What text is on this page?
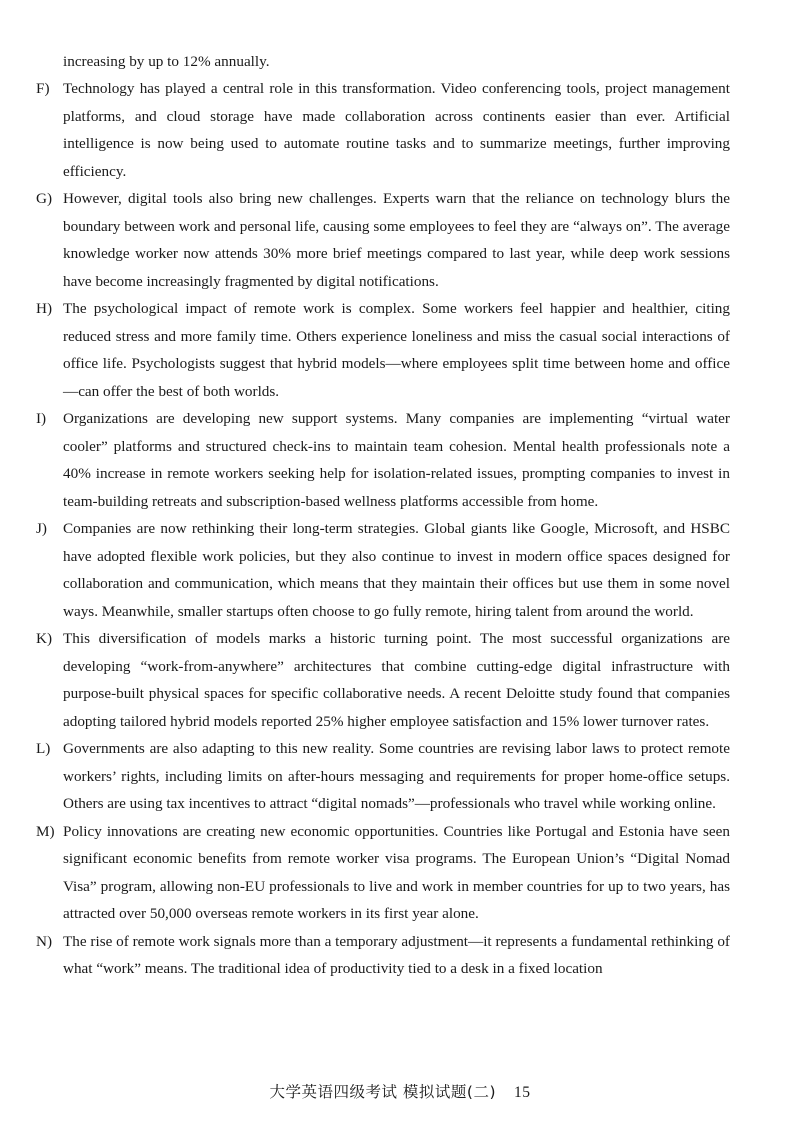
increasing by up to 12% annually.

F) Technology has played a central role in this transformation. Video conferencing tools, project management platforms, and cloud storage have made collaboration across continents easier than ever. Artificial intelligence is now being used to automate routine tasks and to summarize meetings, further improving efficiency.

G) However, digital tools also bring new challenges. Experts warn that the reliance on technology blurs the boundary between work and personal life, causing some employees to feel they are “always on”. The average knowledge worker now attends 30% more brief meetings compared to last year, while deep work sessions have become increasingly fragmented by digital notifications.

H) The psychological impact of remote work is complex. Some workers feel happier and healthier, citing reduced stress and more family time. Others experience loneliness and miss the casual social interactions of office life. Psychologists suggest that hybrid models—where employees split time between home and office—can offer the best of both worlds.

I)	Organizations are developing new support systems. Many companies are implementing “virtual water cooler” platforms and structured check-ins to maintain team cohesion. Mental health professionals note a 40% increase in remote workers seeking help for isolation-related issues, prompting companies to invest in team-building retreats and subscription-based wellness platforms accessible from home.

J)	Companies are now rethinking their long-term strategies. Global giants like Google, Microsoft, and HSBC have adopted flexible work policies, but they also continue to invest in modern office spaces designed for collaboration and communication, which means that they maintain their offices but use them in some novel ways. Meanwhile, smaller startups often choose to go fully remote, hiring talent from around the world.

K) This diversification of models marks a historic turning point. The most successful organizations are developing “work-from-anywhere” architectures that combine cutting-edge digital infrastructure with purpose-built physical spaces for specific collaborative needs. A recent Deloitte study found that companies adopting tailored hybrid models reported 25% higher employee satisfaction and 15% lower turnover rates.

L) Governments are also adapting to this new reality. Some countries are revising labor laws to protect remote workers’ rights, including limits on after-hours messaging and requirements for proper home-office setups. Others are using tax incentives to attract “digital nomads”—professionals who travel while working online.

M) Policy innovations are creating new economic opportunities. Countries like Portugal and Estonia have seen significant economic benefits from remote worker visa programs. The European Union’s “Digital Nomad Visa” program, allowing non-EU professionals to live and work in member countries for up to two years, has attracted over 50,000 overseas remote workers in its first year alone.

N) The rise of remote work signals more than a temporary adjustment—it represents a fundamental rethinking of what “work” means. The traditional idea of productivity tied to a desk in a fixed location

大学英语四级考试 模拟试题(二) 15
